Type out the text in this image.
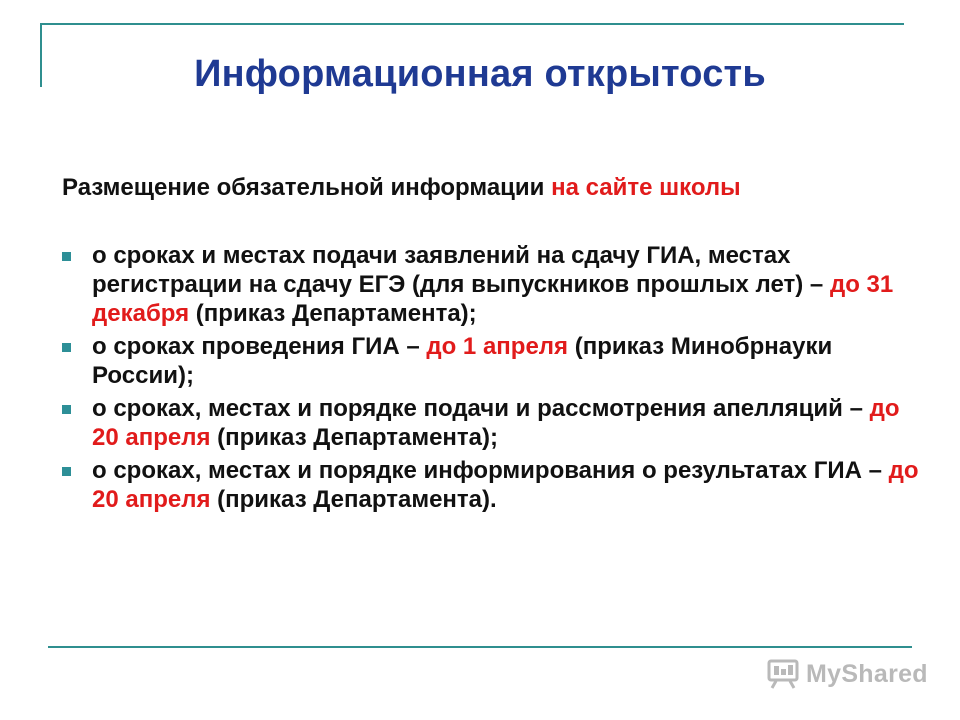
Информационная открытость
Размещение обязательной информации на сайте школы
о сроках и местах подачи заявлений на сдачу ГИА, местах регистрации на сдачу ЕГЭ (для выпускников прошлых лет) – до 31 декабря (приказ Департамента);
о сроках проведения ГИА – до 1 апреля (приказ Минобрнауки России);
о сроках, местах и порядке подачи и рассмотрения апелляций – до 20 апреля (приказ Департамента);
о сроках, местах и порядке информирования о результатах ГИА – до 20 апреля (приказ Департамента).
MyShared
